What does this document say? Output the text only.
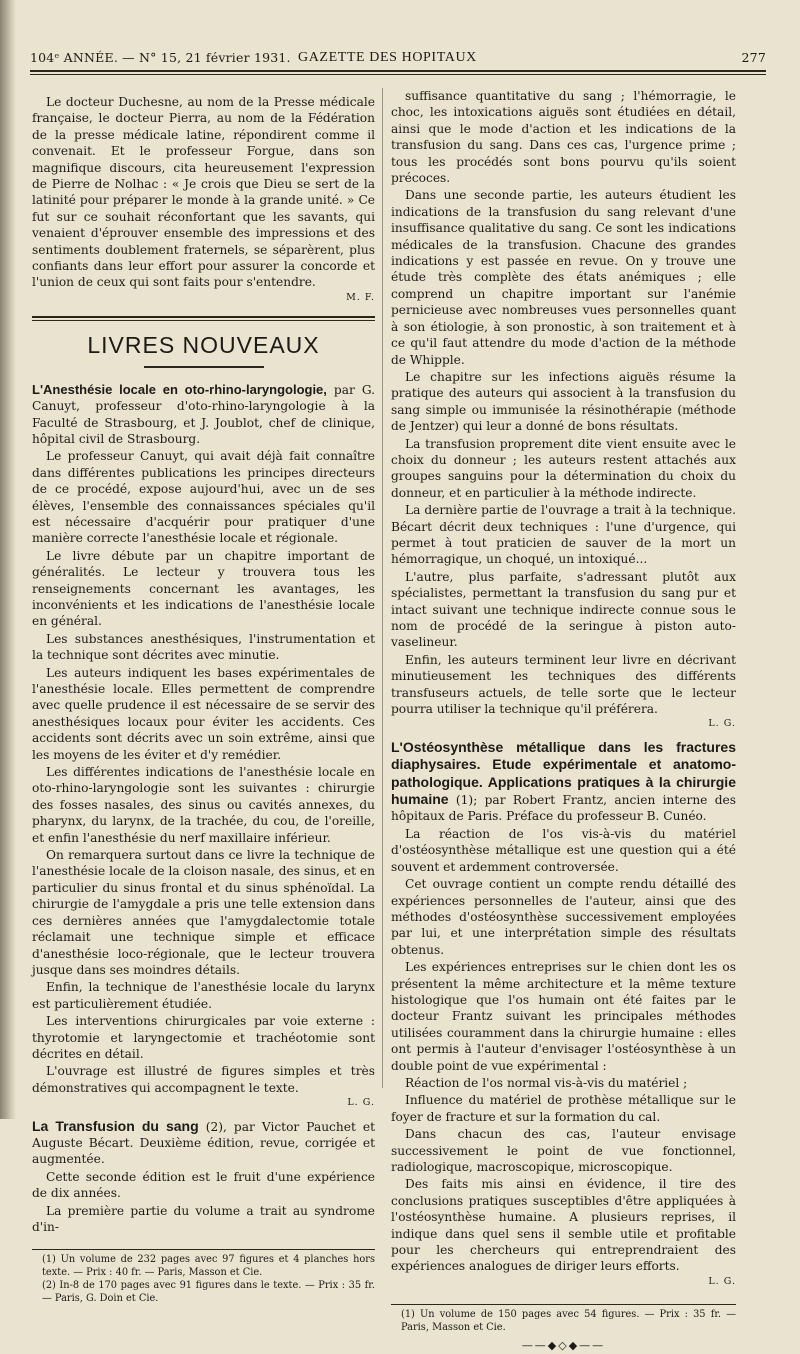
104ᵉ ANNÉE. — N° 15, 21 février 1931. GAZETTE DES HOPITAUX	277

Le docteur Duchesne, au nom de la Presse médicale française, le docteur Pierra, au nom de la Fédération de la presse médicale latine, répondirent comme il convenait. Et le professeur Forgue, dans son magnifique discours, cita heureusement l'expression de Pierre de Nolhac : « Je crois que Dieu se sert de la latinité pour préparer le monde à la grande unité. » Ce fut sur ce souhait réconfortant que les savants, qui venaient d'éprouver ensemble des impressions et des sentiments doublement fraternels, se séparèrent, plus confiants dans leur effort pour assurer la concorde et l'union de ceux qui sont faits pour s'entendre.

M. F.
LIVRES NOUVEAUX

L'Anesthésie locale en oto-rhino-laryngologie, par G. Canuyt, professeur d'oto-rhino-laryngologie à la Faculté de Strasbourg, et J. Joublot, chef de clinique, hôpital civil de Strasbourg.

Le professeur Canuyt, qui avait déjà fait connaître dans différentes publications les principes directeurs de ce procédé, expose aujourd'hui, avec un de ses élèves, l'ensemble des connaissances spéciales qu'il est nécessaire d'acquérir pour pratiquer d'une manière correcte l'anesthésie locale et régionale.

Le livre débute par un chapitre important de généralités. Le lecteur y trouvera tous les renseignements concernant les avantages, les inconvénients et les indications de l'anesthésie locale en général.

Les substances anesthésiques, l'instrumentation et la technique sont décrites avec minutie.

Les auteurs indiquent les bases expérimentales de l'anesthésie locale. Elles permettent de comprendre avec quelle prudence il est nécessaire de se servir des anesthésiques locaux pour éviter les accidents. Ces accidents sont décrits avec un soin extrême, ainsi que les moyens de les éviter et d'y remédier.

Les différentes indications de l'anesthésie locale en oto-rhino-laryngologie sont les suivantes : chirurgie des fosses nasales, des sinus ou cavités annexes, du pharynx, du larynx, de la trachée, du cou, de l'oreille, et enfin l'anesthésie du nerf maxillaire inférieur.

On remarquera surtout dans ce livre la technique de l'anesthésie locale de la cloison nasale, des sinus, et en particulier du sinus frontal et du sinus sphénoïdal. La chirurgie de l'amygdale a pris une telle extension dans ces dernières années que l'amygdalectomie totale réclamait une technique simple et efficace d'anesthésie loco-régionale, que le lecteur trouvera jusque dans ses moindres détails.

Enfin, la technique de l'anesthésie locale du larynx est particulièrement étudiée.

Les interventions chirurgicales par voie externe : thyrotomie et laryngectomie et trachéotomie sont décrites en détail.

L'ouvrage est illustré de figures simples et très démonstratives qui accompagnent le texte.

L. G.

La Transfusion du sang (2), par Victor Pauchet et Auguste Bécart. Deuxième édition, revue, corrigée et augmentée.

Cette seconde édition est le fruit d'une expérience de dix années.

La première partie du volume a trait au syndrome d'in-

(1) Un volume de 232 pages avec 97 figures et 4 planches hors texte. — Prix : 40 fr. — Paris, Masson et Cie.

(2) In-8 de 170 pages avec 91 figures dans le texte. — Prix : 35 fr. — Paris, G. Doin et Cie.

suffisance quantitative du sang ; l'hémorragie, le choc, les intoxications aiguës sont étudiées en détail, ainsi que le mode d'action et les indications de la transfusion du sang. Dans ces cas, l'urgence prime ; tous les procédés sont bons pourvu qu'ils soient précoces.

Dans une seconde partie, les auteurs étudient les indications de la transfusion du sang relevant d'une insuffisance qualitative du sang. Ce sont les indications médicales de la transfusion. Chacune des grandes indications y est passée en revue. On y trouve une étude très complète des états anémiques ; elle comprend un chapitre important sur l'anémie pernicieuse avec nombreuses vues personnelles quant à son étiologie, à son pronostic, à son traitement et à ce qu'il faut attendre du mode d'action de la méthode de Whipple.

Le chapitre sur les infections aiguës résume la pratique des auteurs qui associent à la transfusion du sang simple ou immunisée la résinothérapie (méthode de Jentzer) qui leur a donné de bons résultats.

La transfusion proprement dite vient ensuite avec le choix du donneur ; les auteurs restent attachés aux groupes sanguins pour la détermination du choix du donneur, et en particulier à la méthode indirecte.

La dernière partie de l'ouvrage a trait à la technique. Bécart décrit deux techniques : l'une d'urgence, qui permet à tout praticien de sauver de la mort un hémorragique, un choqué, un intoxiqué...

L'autre, plus parfaite, s'adressant plutôt aux spécialistes, permettant la transfusion du sang pur et intact suivant une technique indirecte connue sous le nom de procédé de la seringue à piston auto-vaselineur.

Enfin, les auteurs terminent leur livre en décrivant minutieusement les techniques des différents transfuseurs actuels, de telle sorte que le lecteur pourra utiliser la technique qu'il préférera.

L. G.

L'Ostéosynthèse métallique dans les fractures diaphysaires. Etude expérimentale et anatomo-pathologique. Applications pratiques à la chirurgie humaine (1); par Robert Frantz, ancien interne des hôpitaux de Paris. Préface du professeur B. Cunéo.

La réaction de l'os vis-à-vis du matériel d'ostéosynthèse métallique est une question qui a été souvent et ardemment controversée.

Cet ouvrage contient un compte rendu détaillé des expériences personnelles de l'auteur, ainsi que des méthodes d'ostéosynthèse successivement employées par lui, et une interprétation simple des résultats obtenus.

Les expériences entreprises sur le chien dont les os présentent la même architecture et la même texture histologique que l'os humain ont été faites par le docteur Frantz suivant les principales méthodes utilisées couramment dans la chirurgie humaine : elles ont permis à l'auteur d'envisager l'ostéosynthèse à un double point de vue expérimental :

Réaction de l'os normal vis-à-vis du matériel ;

Influence du matériel de prothèse métallique sur le foyer de fracture et sur la formation du cal.

Dans chacun des cas, l'auteur envisage successivement le point de vue fonctionnel, radiologique, macroscopique, microscopique.

Des faits mis ainsi en évidence, il tire des conclusions pratiques susceptibles d'être appliquées à l'ostéosynthèse humaine. A plusieurs reprises, il indique dans quel sens il semble utile et profitable pour les chercheurs qui entreprendraient des expériences analogues de diriger leurs efforts.

L. G.

(1) Un volume de 150 pages avec 54 figures. — Prix : 35 fr. — Paris, Masson et Cie.

——◆◇◆——
